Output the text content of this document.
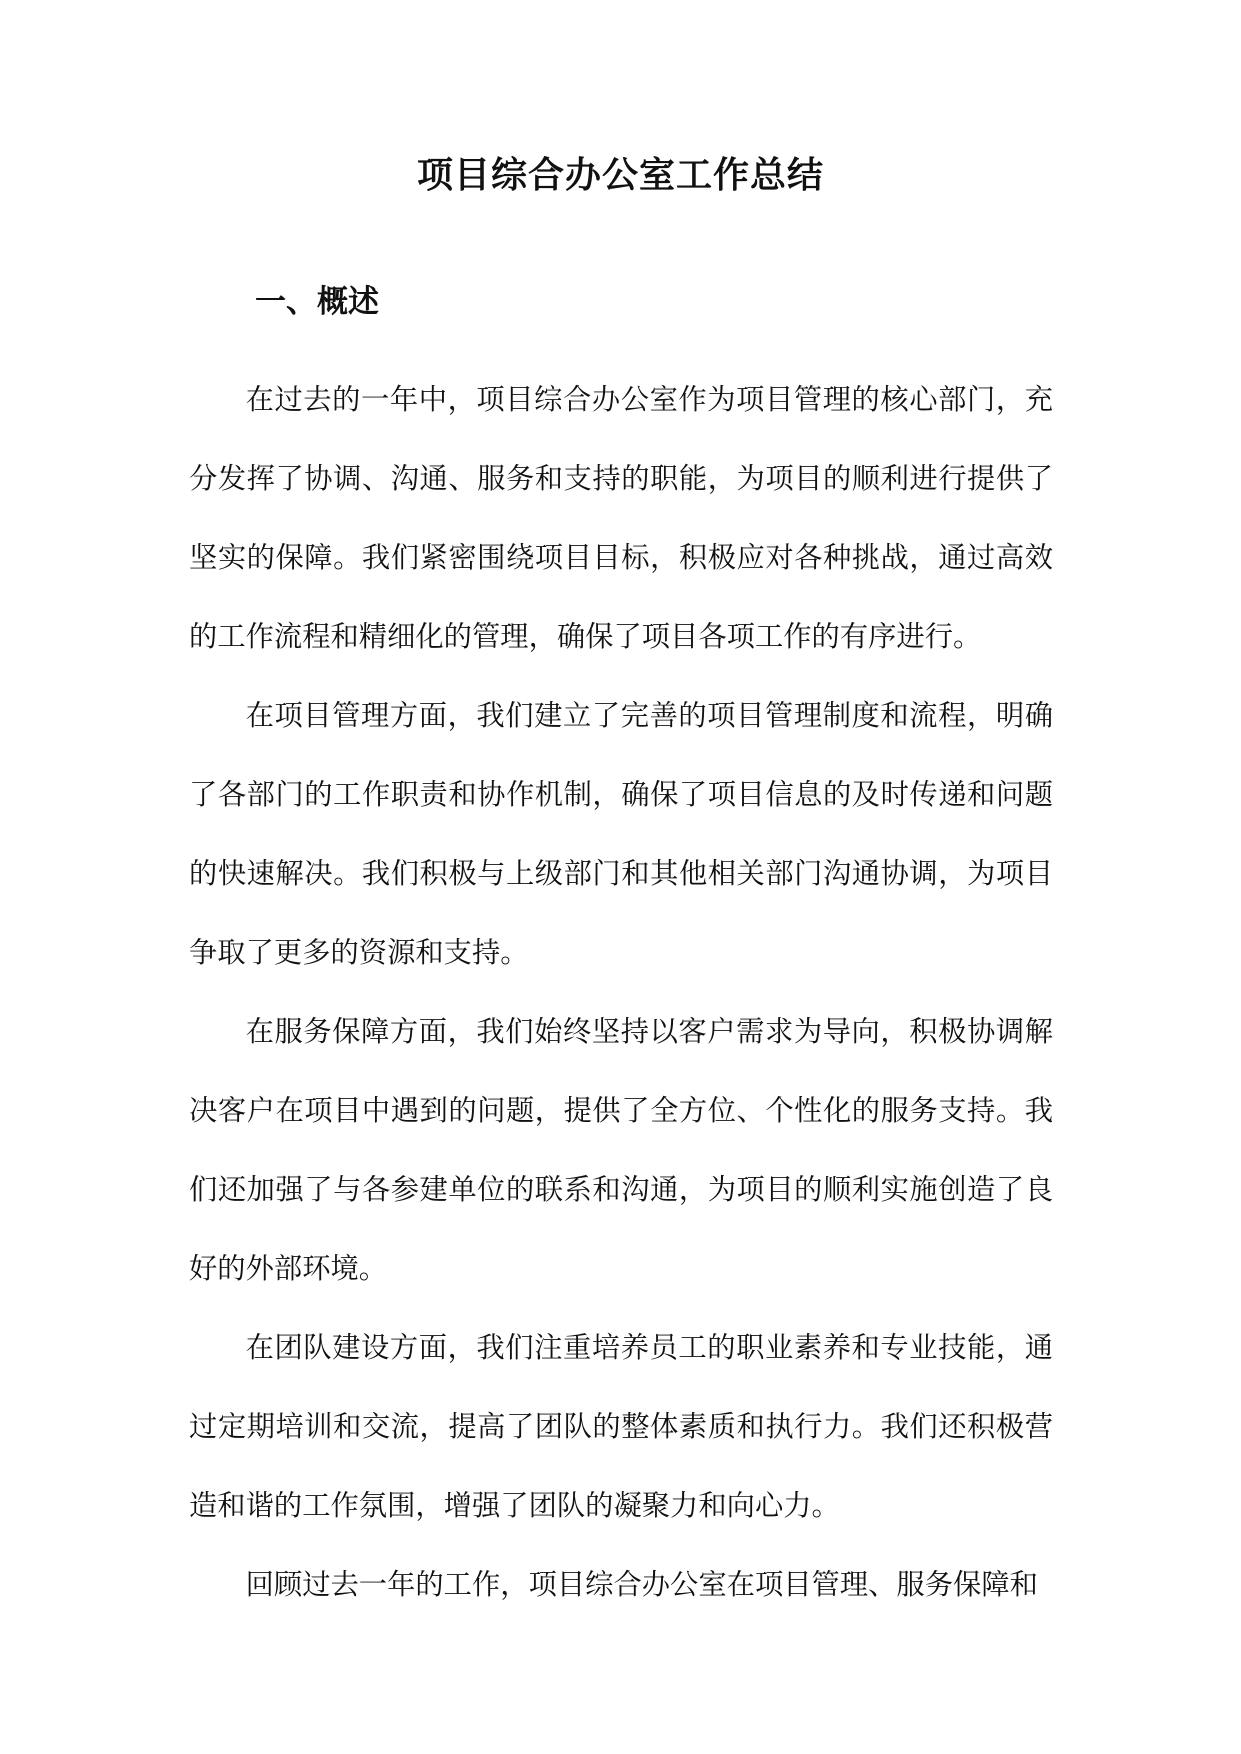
项目综合办公室工作总结
一、概述

在过去的一年中，项目综合办公室作为项目管理的核心部门，充分发挥了协调、沟通、服务和支持的职能，为项目的顺利进行提供了坚实的保障。我们紧密围绕项目目标，积极应对各种挑战，通过高效的工作流程和精细化的管理，确保了项目各项工作的有序进行。

在项目管理方面，我们建立了完善的项目管理制度和流程，明确了各部门的工作职责和协作机制，确保了项目信息的及时传递和问题的快速解决。我们积极与上级部门和其他相关部门沟通协调，为项目争取了更多的资源和支持。

在服务保障方面，我们始终坚持以客户需求为导向，积极协调解决客户在项目中遇到的问题，提供了全方位、个性化的服务支持。我们还加强了与各参建单位的联系和沟通，为项目的顺利实施创造了良好的外部环境。

在团队建设方面，我们注重培养员工的职业素养和专业技能，通过定期培训和交流，提高了团队的整体素质和执行力。我们还积极营造和谐的工作氛围，增强了团队的凝聚力和向心力。

回顾过去一年的工作，项目综合办公室在项目管理、服务保障和
